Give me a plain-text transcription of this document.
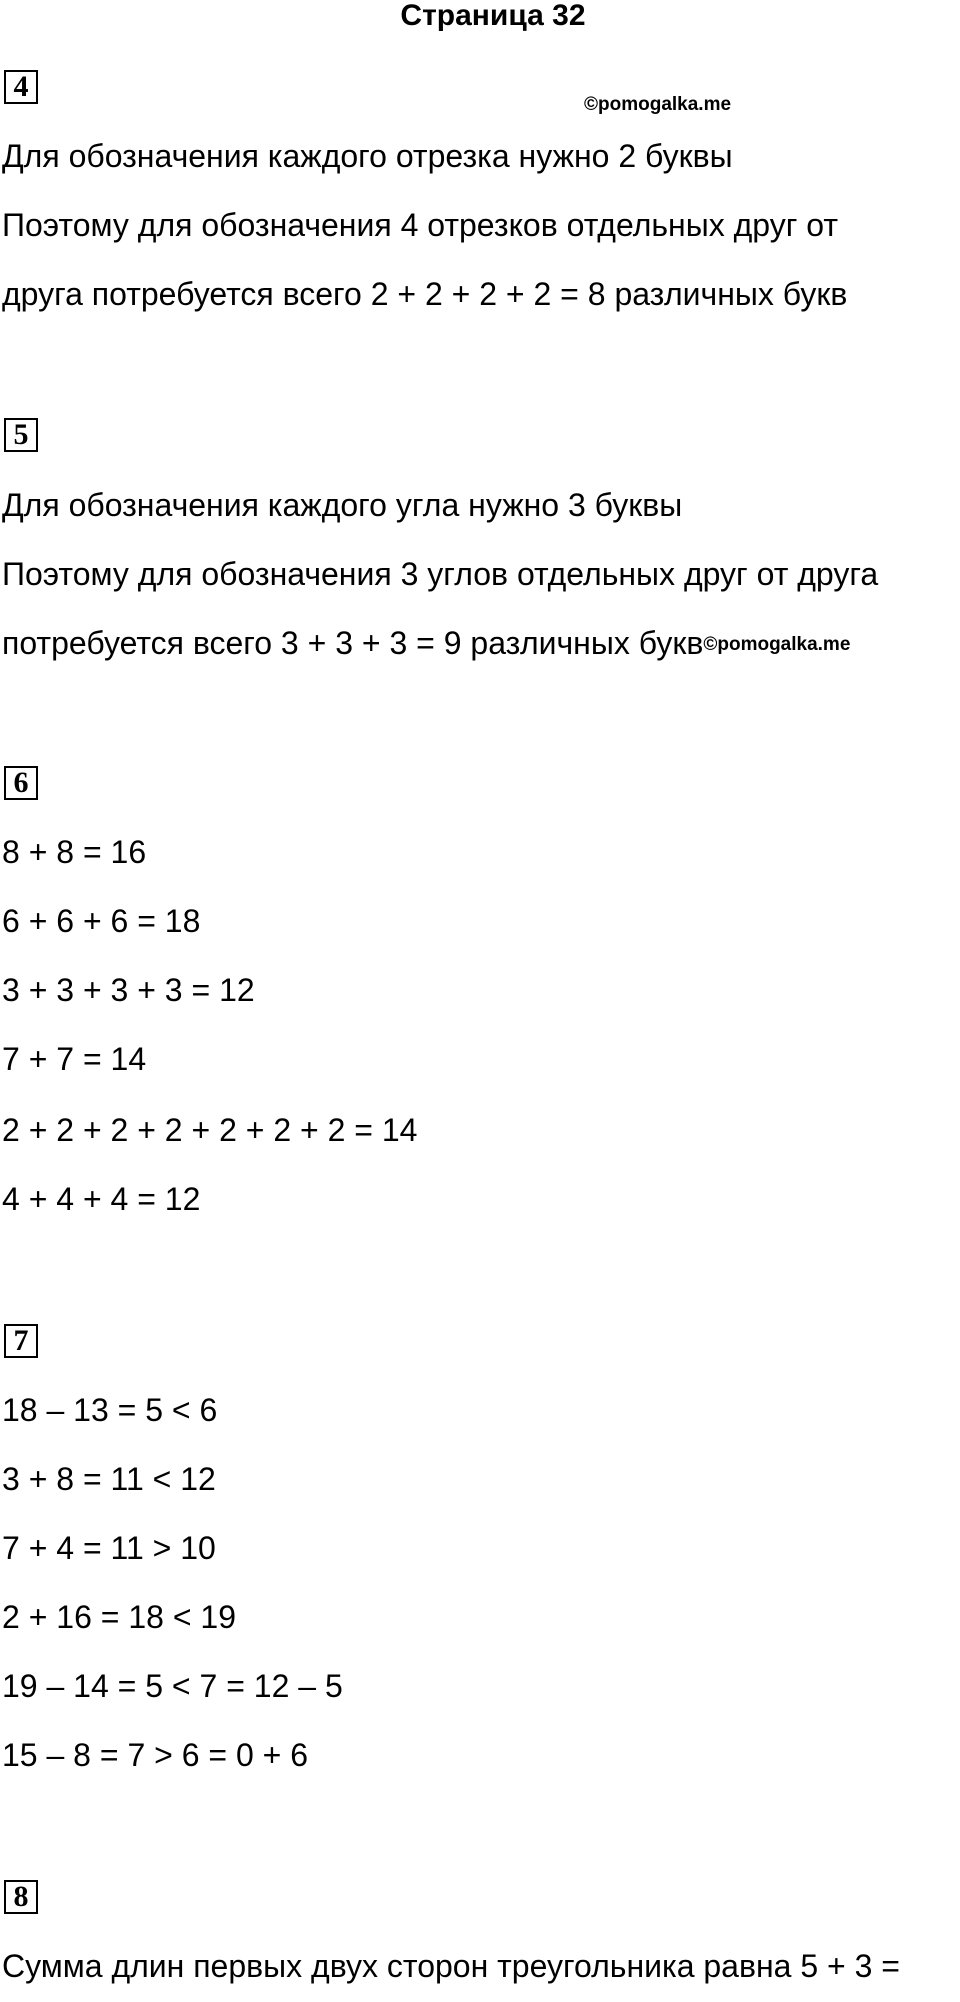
Страница 32
©pomogalka.me
4
Для обозначения каждого отрезка нужно 2 буквы
Поэтому для обозначения 4 отрезков отдельных друг от
друга потребуется всего 2 + 2 + 2 + 2 = 8 различных букв
5
Для обозначения каждого угла нужно 3 буквы
Поэтому для обозначения 3 углов отдельных друг от друга
потребуется всего 3 + 3 + 3 = 9 различных букв©pomogalka.me
6
8 + 8 = 16
6 + 6 + 6 = 18
3 + 3 + 3 + 3 = 12
7 + 7 = 14
2 + 2 + 2 + 2 + 2 + 2 + 2 = 14
4 + 4 + 4 = 12
7
18 – 13 = 5 < 6
3 + 8 = 11 < 12
7 + 4 = 11 > 10
2 + 16 = 18 < 19
19 – 14 = 5 < 7 = 12 – 5
15 – 8 = 7 > 6 = 0 + 6
8
Сумма длин первых двух сторон треугольника равна 5 + 3 =
